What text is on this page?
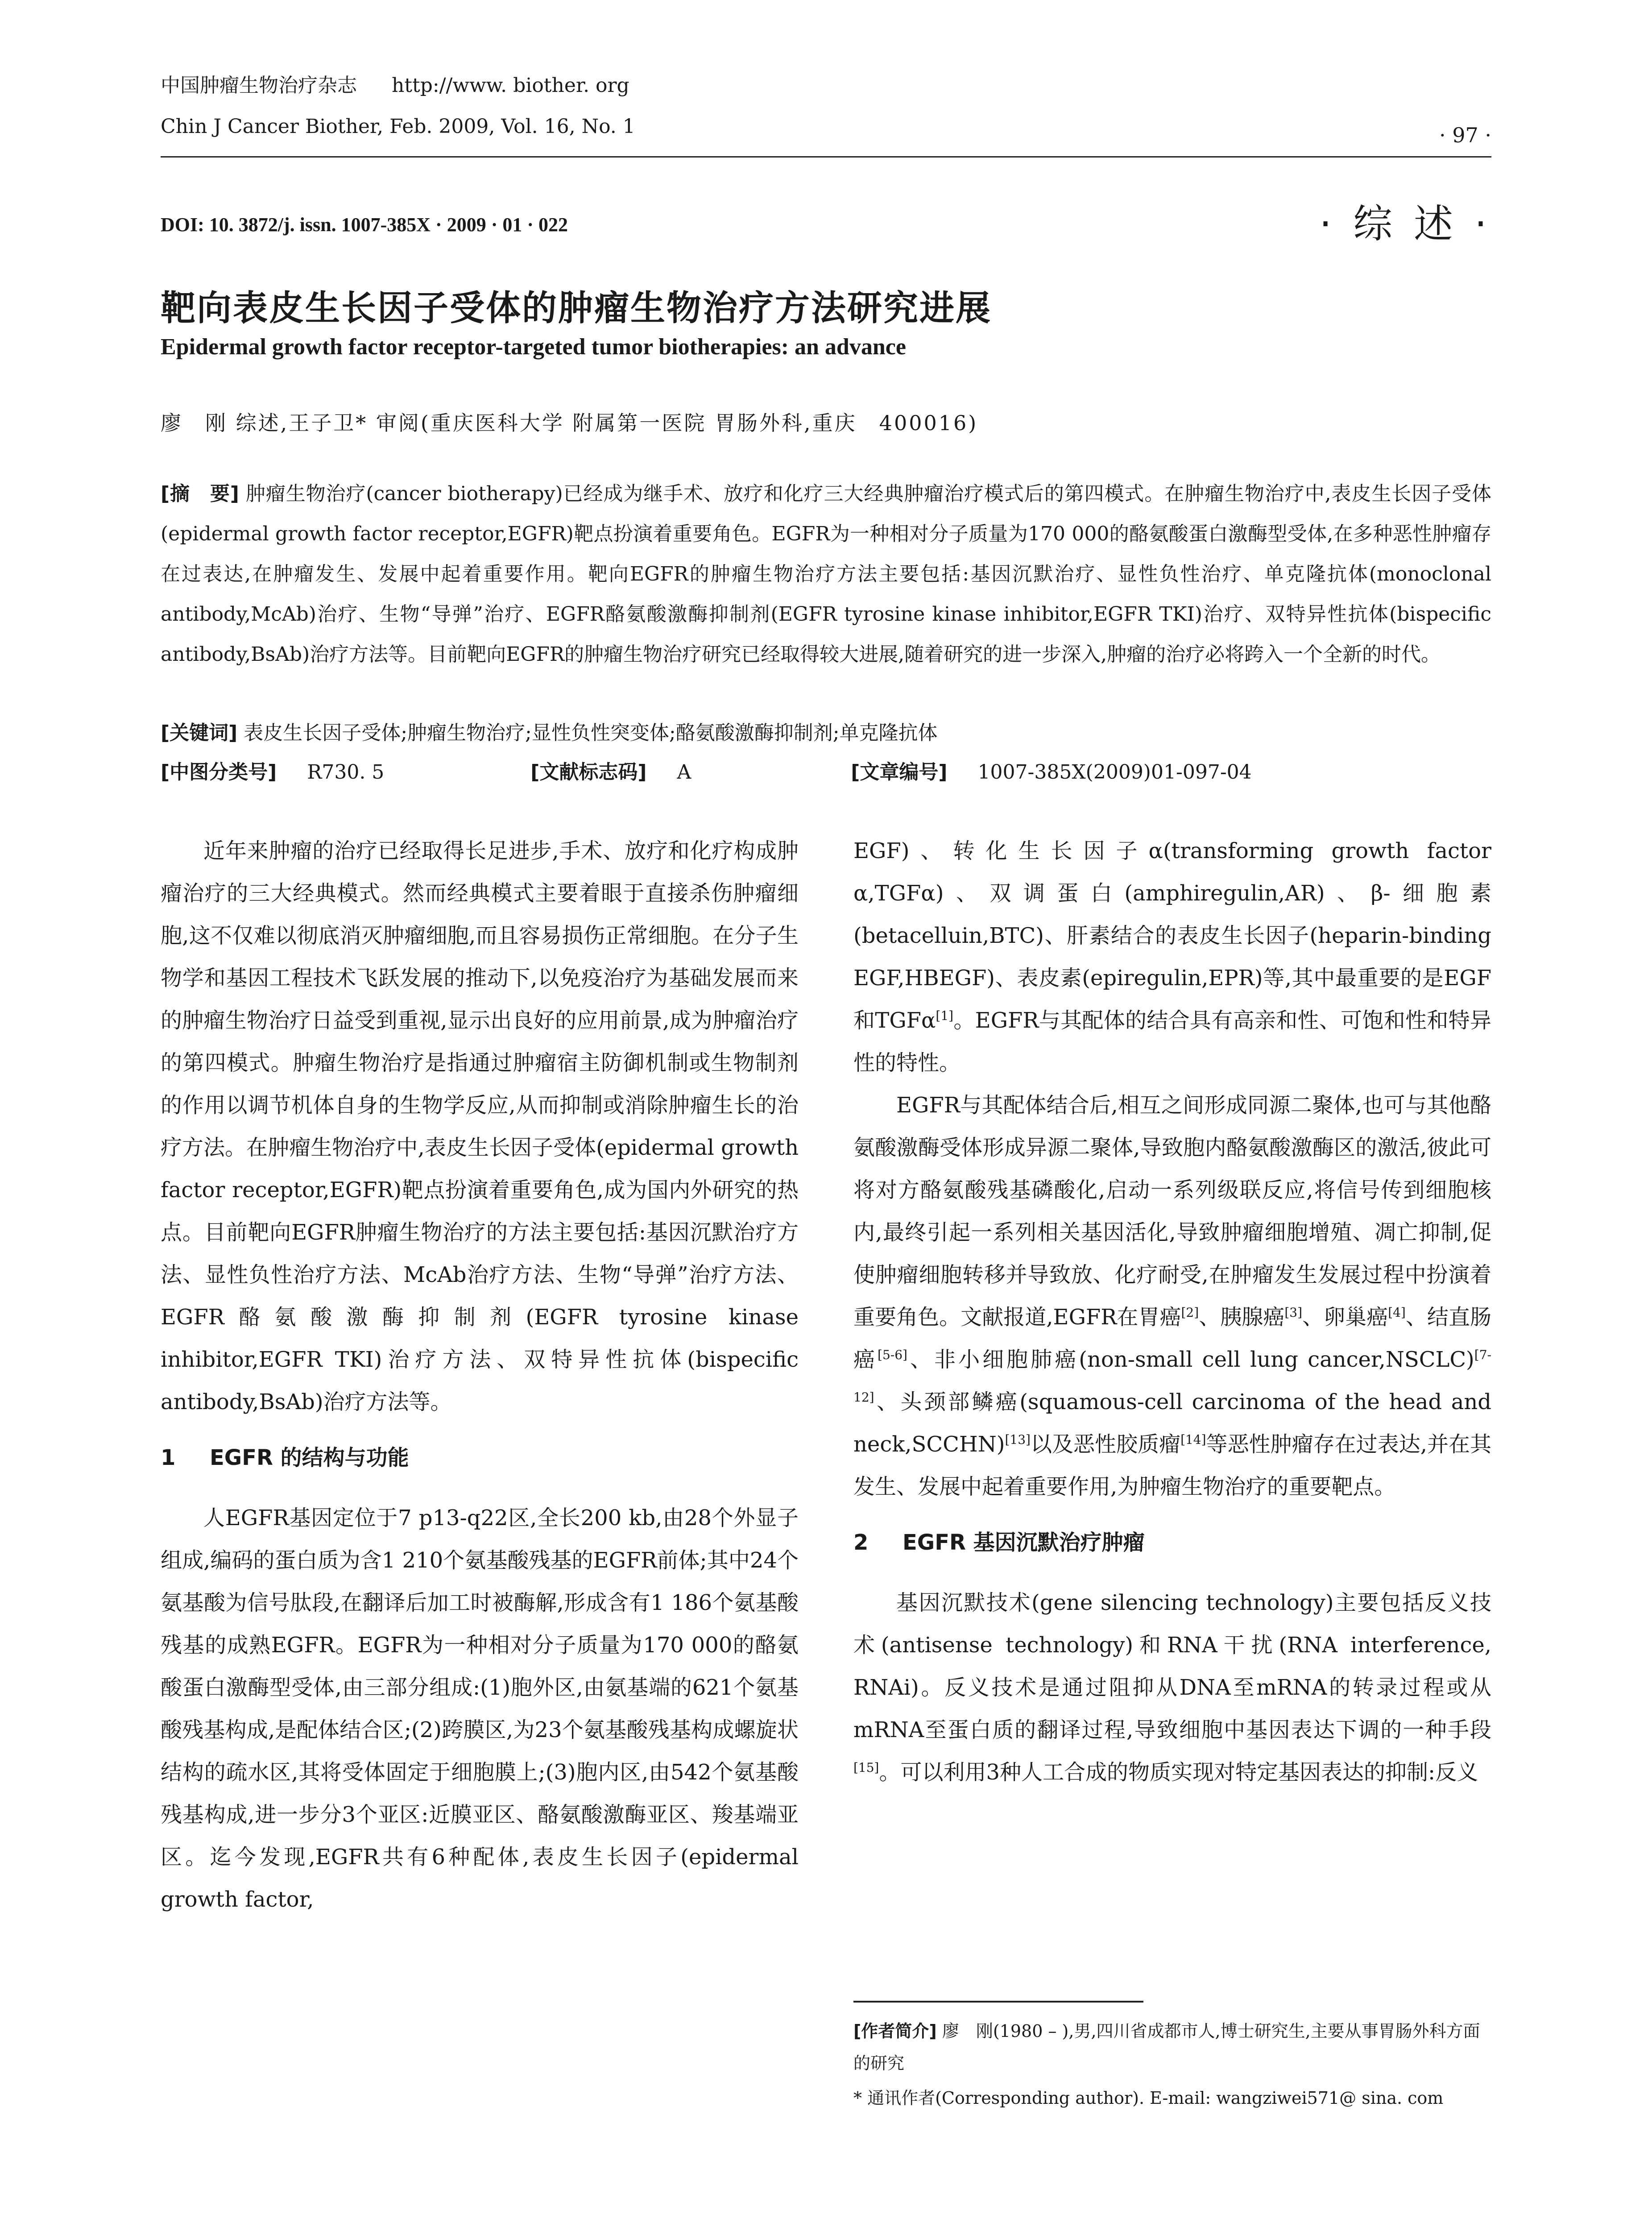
中国肿瘤生物治疗杂志 http://www. biother. org
Chin J Cancer Biother, Feb. 2009, Vol. 16, No. 1	· 97 ·
DOI: 10. 3872/j. issn. 1007-385X · 2009 · 01 · 022	· 综 述 ·
靶向表皮生长因子受体的肿瘤生物治疗方法研究进展
Epidermal growth factor receptor-targeted tumor biotherapies: an advance
廖　刚 综述,王子卫* 审阅(重庆医科大学 附属第一医院 胃肠外科,重庆　400016)
[摘　要] 肿瘤生物治疗(cancer biotherapy)已经成为继手术、放疗和化疗三大经典肿瘤治疗模式后的第四模式。在肿瘤生物治疗中,表皮生长因子受体(epidermal growth factor receptor,EGFR)靶点扮演着重要角色。EGFR为一种相对分子质量为170 000的酪氨酸蛋白激酶型受体,在多种恶性肿瘤存在过表达,在肿瘤发生、发展中起着重要作用。靶向EGFR的肿瘤生物治疗方法主要包括:基因沉默治疗、显性负性治疗、单克隆抗体(monoclonal antibody,McAb)治疗、生物“导弹”治疗、EGFR酪氨酸激酶抑制剂(EGFR tyrosine kinase inhibitor,EGFR TKI)治疗、双特异性抗体(bispecific antibody,BsAb)治疗方法等。目前靶向EGFR的肿瘤生物治疗研究已经取得较大进展,随着研究的进一步深入,肿瘤的治疗必将跨入一个全新的时代。
[关键词] 表皮生长因子受体;肿瘤生物治疗;显性负性突变体;酪氨酸激酶抑制剂;单克隆抗体
[中图分类号] R730. 5	[文献标志码] A	[文章编号] 1007-385X(2009)01-097-04

近年来肿瘤的治疗已经取得长足进步,手术、放疗和化疗构成肿瘤治疗的三大经典模式。然而经典模式主要着眼于直接杀伤肿瘤细胞,这不仅难以彻底消灭肿瘤细胞,而且容易损伤正常细胞。在分子生物学和基因工程技术飞跃发展的推动下,以免疫治疗为基础发展而来的肿瘤生物治疗日益受到重视,显示出良好的应用前景,成为肿瘤治疗的第四模式。肿瘤生物治疗是指通过肿瘤宿主防御机制或生物制剂的作用以调节机体自身的生物学反应,从而抑制或消除肿瘤生长的治疗方法。在肿瘤生物治疗中,表皮生长因子受体(epidermal growth factor receptor,EGFR)靶点扮演着重要角色,成为国内外研究的热点。目前靶向EGFR肿瘤生物治疗的方法主要包括:基因沉默治疗方法、显性负性治疗方法、McAb治疗方法、生物“导弹”治疗方法、EGFR酪氨酸激酶抑制剂(EGFR tyrosine kinase inhibitor,EGFR TKI)治疗方法、双特异性抗体(bispecific antibody,BsAb)治疗方法等。

1 EGFR 的结构与功能

人EGFR基因定位于7 p13-q22区,全长200 kb,由28个外显子组成,编码的蛋白质为含1 210个氨基酸残基的EGFR前体;其中24个氨基酸为信号肽段,在翻译后加工时被酶解,形成含有1 186个氨基酸残基的成熟EGFR。EGFR为一种相对分子质量为170 000的酪氨酸蛋白激酶型受体,由三部分组成:(1)胞外区,由氨基端的621个氨基酸残基构成,是配体结合区;(2)跨膜区,为23个氨基酸残基构成螺旋状结构的疏水区,其将受体固定于细胞膜上;(3)胞内区,由542个氨基酸残基构成,进一步分3个亚区:近膜亚区、酪氨酸激酶亚区、羧基端亚区。迄今发现,EGFR共有6种配体,表皮生长因子(epidermal growth factor,

EGF)、转化生长因子α(transforming growth factor α,TGFα)、双调蛋白(amphiregulin,AR)、β-细胞素(betacelluin,BTC)、肝素结合的表皮生长因子(heparin-binding EGF,HBEGF)、表皮素(epiregulin,EPR)等,其中最重要的是EGF和TGFα[1]。EGFR与其配体的结合具有高亲和性、可饱和性和特异性的特性。

EGFR与其配体结合后,相互之间形成同源二聚体,也可与其他酪氨酸激酶受体形成异源二聚体,导致胞内酪氨酸激酶区的激活,彼此可将对方酪氨酸残基磷酸化,启动一系列级联反应,将信号传到细胞核内,最终引起一系列相关基因活化,导致肿瘤细胞增殖、凋亡抑制,促使肿瘤细胞转移并导致放、化疗耐受,在肿瘤发生发展过程中扮演着重要角色。文献报道,EGFR在胃癌[2]、胰腺癌[3]、卵巢癌[4]、结直肠癌[5-6]、非小细胞肺癌(non-small cell lung cancer,NSCLC)[7-12]、头颈部鳞癌(squamous-cell carcinoma of the head and neck,SCCHN)[13]以及恶性胶质瘤[14]等恶性肿瘤存在过表达,并在其发生、发展中起着重要作用,为肿瘤生物治疗的重要靶点。

2 EGFR 基因沉默治疗肿瘤

基因沉默技术(gene silencing technology)主要包括反义技术(antisense technology)和RNA干扰(RNA interference, RNAi)。反义技术是通过阻抑从DNA至mRNA的转录过程或从mRNA至蛋白质的翻译过程,导致细胞中基因表达下调的一种手段[15]。可以利用3种人工合成的物质实现对特定基因表达的抑制:反义

[作者简介] 廖　刚(1980 – ),男,四川省成都市人,博士研究生,主要从事胃肠外科方面的研究
* 通讯作者(Corresponding author). E-mail: wangziwei571@ sina. com
